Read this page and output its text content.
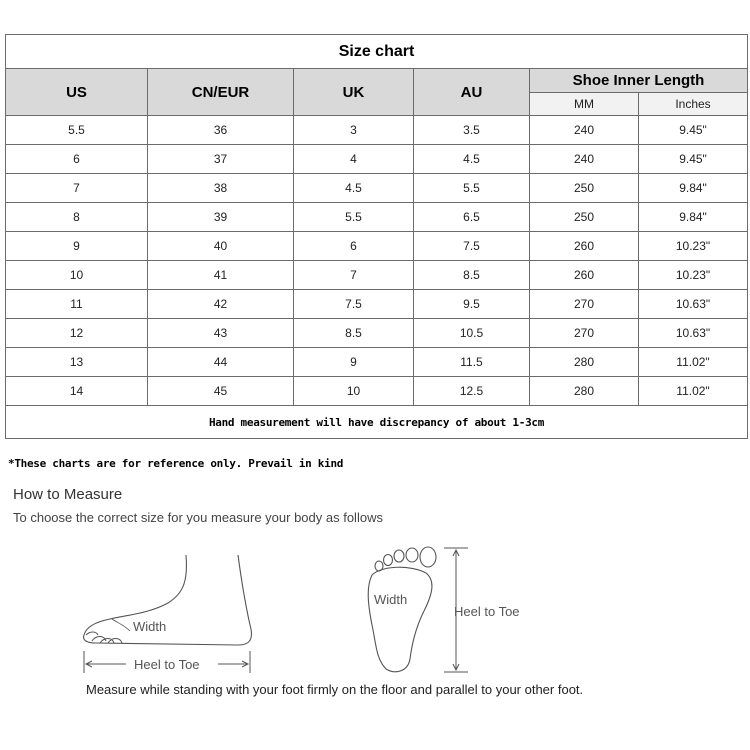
Size chart					
US	CN/EUR	UK	AU	Shoe Inner Length	
				MM	Inches
5.5	36	3	3.5	240	9.45"
6	37	4	4.5	240	9.45"
7	38	4.5	5.5	250	9.84"
8	39	5.5	6.5	250	9.84"
9	40	6	7.5	260	10.23"
10	41	7	8.5	260	10.23"
11	42	7.5	9.5	270	10.63"
12	43	8.5	10.5	270	10.63"
13	44	9	11.5	280	11.02"
14	45	10	12.5	280	11.02"
Hand measurement will have discrepancy of about 1-3cm					
*These charts are for reference only. Prevail in kind
How to Measure
To choose the correct size for you measure your body as follows
Width
Heel to Toe
Width
Heel to Toe
Measure while standing with your foot firmly on the floor and parallel to your other foot.
